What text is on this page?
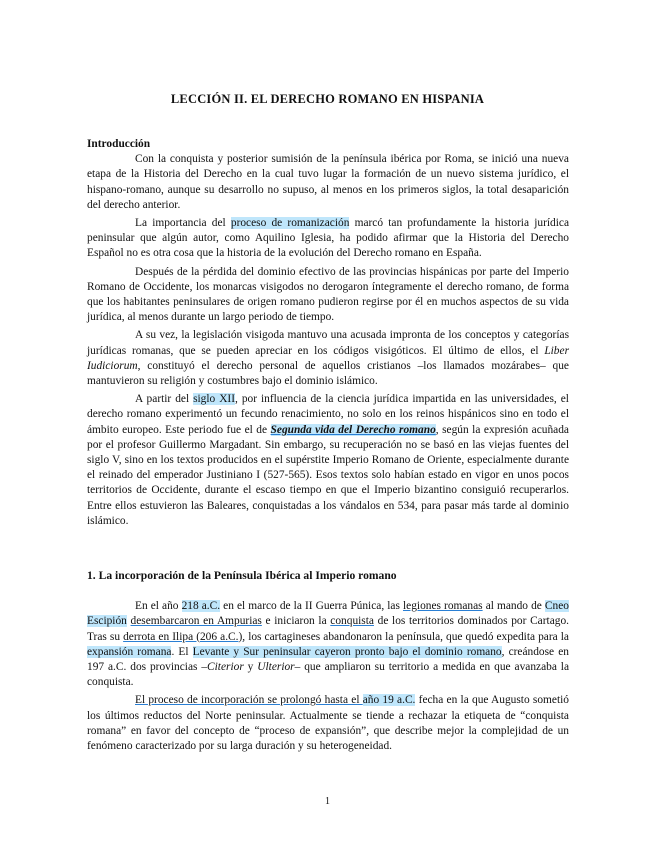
LECCIÓN II. EL DERECHO ROMANO EN HISPANIA
Introducción

Con la conquista y posterior sumisión de la península ibérica por Roma, se inició una nueva etapa de la Historia del Derecho en la cual tuvo lugar la formación de un nuevo sistema jurídico, el hispano-romano, aunque su desarrollo no supuso, al menos en los primeros siglos, la total desaparición del derecho anterior.

La importancia del proceso de romanización marcó tan profundamente la historia jurídica peninsular que algún autor, como Aquilino Iglesia, ha podido afirmar que la Historia del Derecho Español no es otra cosa que la historia de la evolución del Derecho romano en España.

Después de la pérdida del dominio efectivo de las provincias hispánicas por parte del Imperio Romano de Occidente, los monarcas visigodos no derogaron íntegramente el derecho romano, de forma que los habitantes peninsulares de origen romano pudieron regirse por él en muchos aspectos de su vida jurídica, al menos durante un largo periodo de tiempo.

A su vez, la legislación visigoda mantuvo una acusada impronta de los conceptos y categorías jurídicas romanas, que se pueden apreciar en los códigos visigóticos. El último de ellos, el Liber Iudiciorum, constituyó el derecho personal de aquellos cristianos –los llamados mozárabes– que mantuvieron su religión y costumbres bajo el dominio islámico.

A partir del siglo XII, por influencia de la ciencia jurídica impartida en las universidades, el derecho romano experimentó un fecundo renacimiento, no solo en los reinos hispánicos sino en todo el ámbito europeo. Este periodo fue el de Segunda vida del Derecho romano, según la expresión acuñada por el profesor Guillermo Margadant. Sin embargo, su recuperación no se basó en las viejas fuentes del siglo V, sino en los textos producidos en el supérstite Imperio Romano de Oriente, especialmente durante el reinado del emperador Justiniano I (527-565). Esos textos solo habían estado en vigor en unos pocos territorios de Occidente, durante el escaso tiempo en que el Imperio bizantino consiguió recuperarlos. Entre ellos estuvieron las Baleares, conquistadas a los vándalos en 534, para pasar más tarde al dominio islámico.

1. La incorporación de la Península Ibérica al Imperio romano

En el año 218 a.C. en el marco de la II Guerra Púnica, las legiones romanas al mando de Cneo Escipión desembarcaron en Ampurias e iniciaron la conquista de los territorios dominados por Cartago. Tras su derrota en Ilipa (206 a.C.), los cartagineses abandonaron la península, que quedó expedita para la expansión romana. El Levante y Sur peninsular cayeron pronto bajo el dominio romano, creándose en 197 a.C. dos provincias –Citerior y Ulterior– que ampliaron su territorio a medida en que avanzaba la conquista.

El proceso de incorporación se prolongó hasta el año 19 a.C. fecha en la que Augusto sometió los últimos reductos del Norte peninsular. Actualmente se tiende a rechazar la etiqueta de “conquista romana” en favor del concepto de “proceso de expansión”, que describe mejor la complejidad de un fenómeno caracterizado por su larga duración y su heterogeneidad.

1
